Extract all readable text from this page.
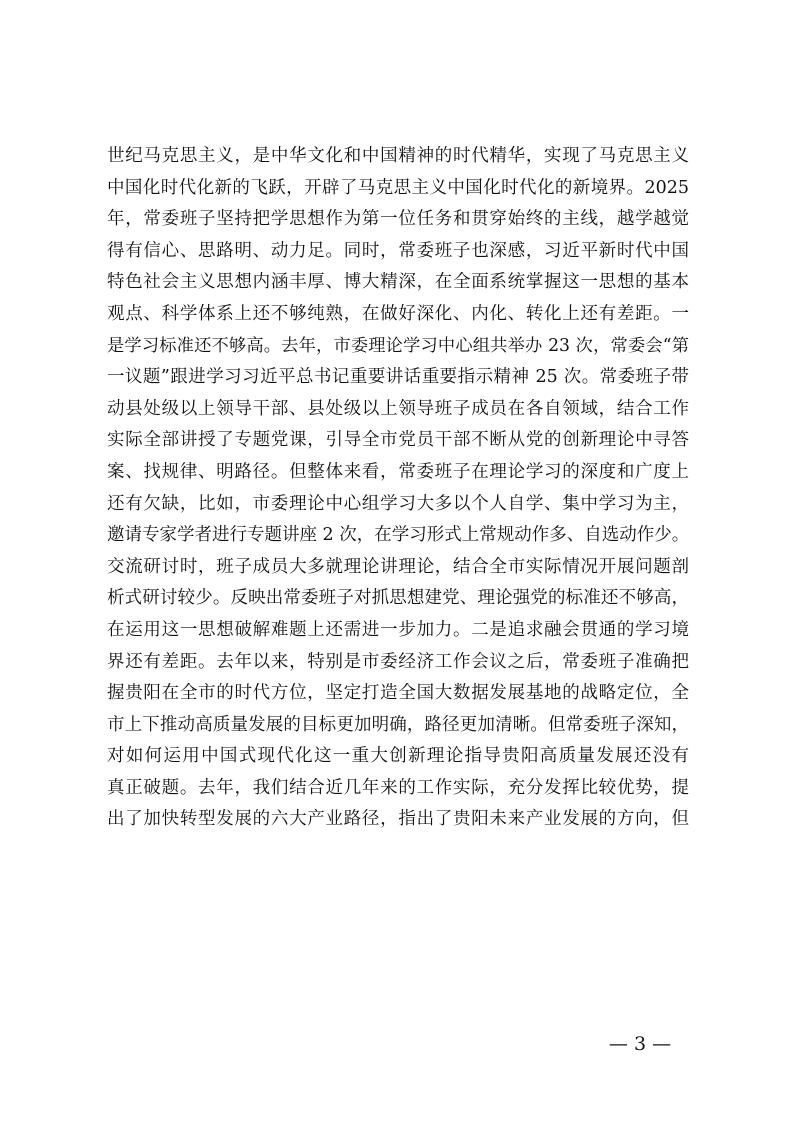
世纪马克思主义，是中华文化和中国精神的时代精华，实现了马克思主义
中国化时代化新的飞跃，开辟了马克思主义中国化时代化的新境界。2025
年，常委班子坚持把学思想作为第一位任务和贯穿始终的主线，越学越觉
得有信心、思路明、动力足。同时，常委班子也深感，习近平新时代中国
特色社会主义思想内涵丰厚、博大精深，在全面系统掌握这一思想的基本
观点、科学体系上还不够纯熟，在做好深化、内化、转化上还有差距。一
是学习标准还不够高。去年，市委理论学习中心组共举办 23 次，常委会“第
一议题”跟进学习习近平总书记重要讲话重要指示精神 25 次。常委班子带
动县处级以上领导干部、县处级以上领导班子成员在各自领域，结合工作
实际全部讲授了专题党课，引导全市党员干部不断从党的创新理论中寻答
案、找规律、明路径。但整体来看，常委班子在理论学习的深度和广度上
还有欠缺，比如，市委理论中心组学习大多以个人自学、集中学习为主，
邀请专家学者进行专题讲座 2 次，在学习形式上常规动作多、自选动作少。
交流研讨时，班子成员大多就理论讲理论，结合全市实际情况开展问题剖
析式研讨较少。反映出常委班子对抓思想建党、理论强党的标准还不够高，
在运用这一思想破解难题上还需进一步加力。二是追求融会贯通的学习境
界还有差距。去年以来，特别是市委经济工作会议之后，常委班子准确把
握贵阳在全市的时代方位，坚定打造全国大数据发展基地的战略定位，全
市上下推动高质量发展的目标更加明确，路径更加清晰。但常委班子深知，
对如何运用中国式现代化这一重大创新理论指导贵阳高质量发展还没有
真正破题。去年，我们结合近几年来的工作实际，充分发挥比较优势，提
出了加快转型发展的六大产业路径，指出了贵阳未来产业发展的方向，但
— 3 —
